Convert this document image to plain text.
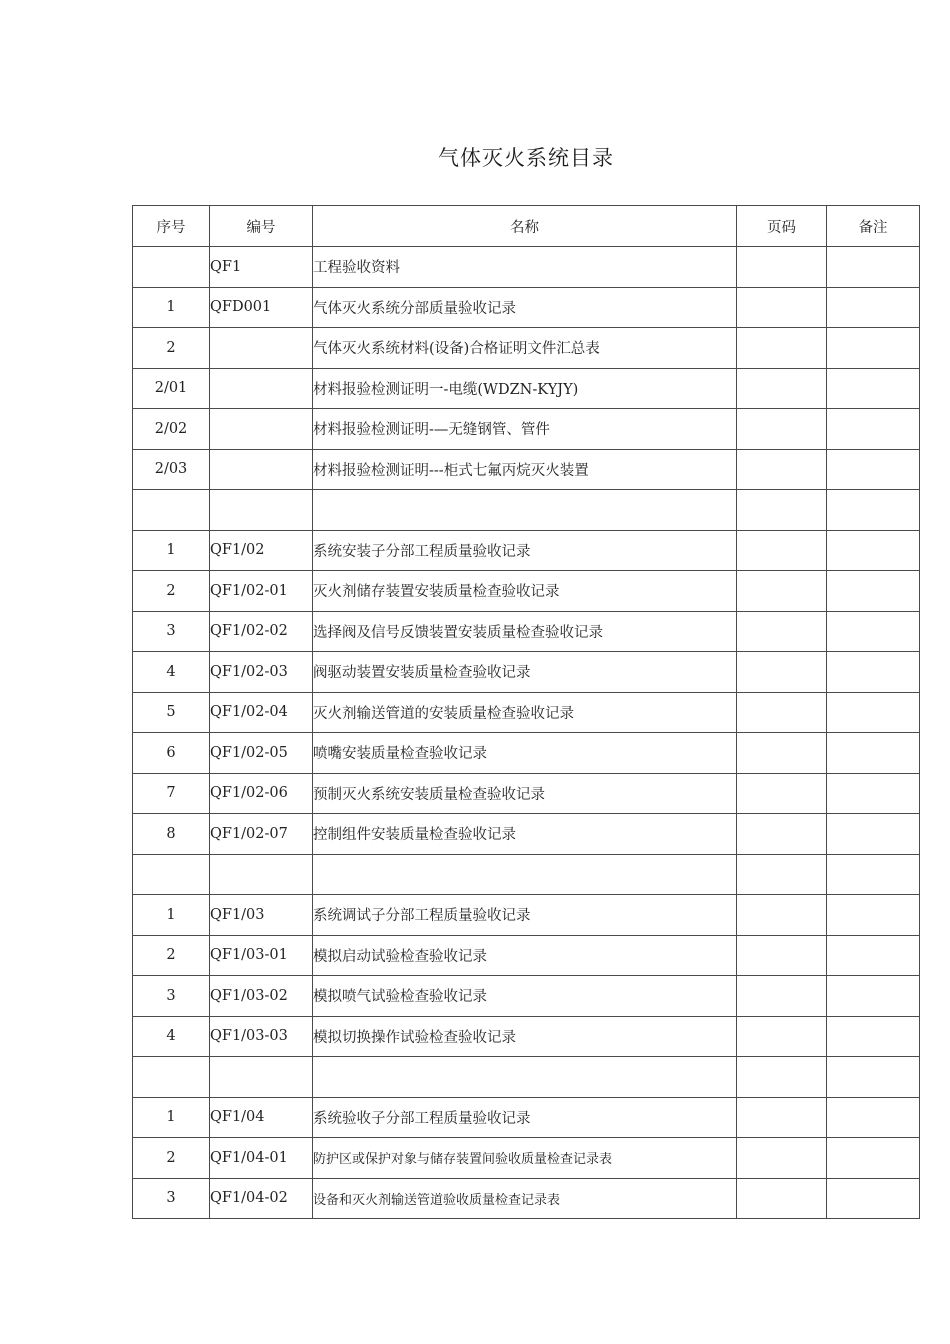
气体灭火系统目录
序号	编号	名称	页码	备注
	QF1	工程验收资料		
1	QFD001	气体灭火系统分部质量验收记录		
2		气体灭火系统材料(设备)合格证明文件汇总表		
2/01		材料报验检测证明一-电缆(WDZN-KYJY)		
2/02		材料报验检测证明-—无缝钢管、管件		
2/03		材料报验检测证明---柜式七氟丙烷灭火装置		

1	QF1/02	系统安装子分部工程质量验收记录		
2	QF1/02-01	灭火剂储存装置安装质量检查验收记录		
3	QF1/02-02	选择阀及信号反馈装置安装质量检查验收记录		
4	QF1/02-03	阀驱动装置安装质量检查验收记录		
5	QF1/02-04	灭火剂输送管道的安装质量检查验收记录		
6	QF1/02-05	喷嘴安装质量检查验收记录		
7	QF1/02-06	预制灭火系统安装质量检查验收记录		
8	QF1/02-07	控制组件安装质量检查验收记录		

1	QF1/03	系统调试子分部工程质量验收记录		
2	QF1/03-01	模拟启动试验检查验收记录		
3	QF1/03-02	模拟喷气试验检查验收记录		
4	QF1/03-03	模拟切换操作试验检查验收记录		

1	QF1/04	系统验收子分部工程质量验收记录		
2	QF1/04-01	防护区或保护对象与储存装置间验收质量检查记录表		
3	QF1/04-02	设备和灭火剂输送管道验收质量检查记录表		
